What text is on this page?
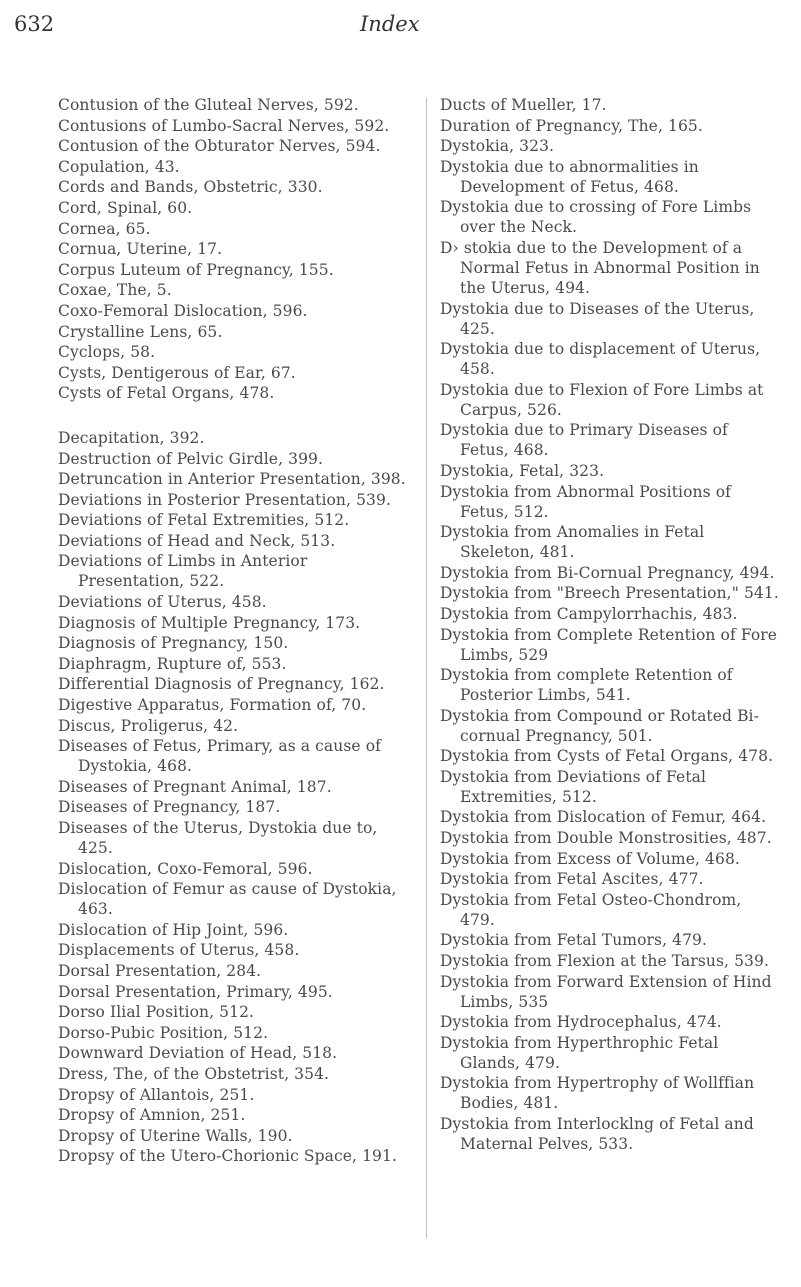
632	Index

Contusion of the Gluteal Nerves, 592.

Contusions of Lumbo-Sacral Nerves, 592.

Contusion of the Obturator Nerves, 594.

Copulation, 43.

Cords and Bands, Obstetric, 330.

Cord, Spinal, 60.

Cornea, 65.

Cornua, Uterine, 17.

Corpus Luteum of Pregnancy, 155.

Coxae, The, 5.

Coxo-Femoral Dislocation, 596.

Crystalline Lens, 65.

Cyclops, 58.

Cysts, Dentigerous of Ear, 67.

Cysts of Fetal Organs, 478.

Decapitation, 392.

Destruction of Pelvic Girdle, 399.

Detruncation in Anterior Presentation, 398.

Deviations in Posterior Presentation, 539.

Deviations of Fetal Extremities, 512.

Deviations of Head and Neck, 513.

Deviations of Limbs in Anterior Presentation, 522.

Deviations of Uterus, 458.

Diagnosis of Multiple Pregnancy, 173.

Diagnosis of Pregnancy, 150.

Diaphragm, Rupture of, 553.

Differential Diagnosis of Pregnancy, 162.

Digestive Apparatus, Formation of, 70.

Discus, Proligerus, 42.

Diseases of Fetus, Primary, as a cause of Dystokia, 468.

Diseases of Pregnant Animal, 187.

Diseases of Pregnancy, 187.

Diseases of the Uterus, Dystokia due to, 425.

Dislocation, Coxo-Femoral, 596.

Dislocation of Femur as cause of Dystokia, 463.

Dislocation of Hip Joint, 596.

Displacements of Uterus, 458.

Dorsal Presentation, 284.

Dorsal Presentation, Primary, 495.

Dorso Ilial Position, 512.

Dorso-Pubic Position, 512.

Downward Deviation of Head, 518.

Dress, The, of the Obstetrist, 354.

Dropsy of Allantois, 251.

Dropsy of Amnion, 251.

Dropsy of Uterine Walls, 190.

Dropsy of the Utero-Chorionic Space, 191.

Ducts of Mueller, 17.

Duration of Pregnancy, The, 165.

Dystokia, 323.

Dystokia due to abnormalities in Development of Fetus, 468.

Dystokia due to crossing of Fore Limbs over the Neck.

D› stokia due to the Development of a Normal Fetus in Abnormal Position in the Uterus, 494.

Dystokia due to Diseases of the Uterus, 425.

Dystokia due to displacement of Uterus, 458.

Dystokia due to Flexion of Fore Limbs at Carpus, 526.

Dystokia due to Primary Diseases of Fetus, 468.

Dystokia, Fetal, 323.

Dystokia from Abnormal Positions of Fetus, 512.

Dystokia from Anomalies in Fetal Skeleton, 481.

Dystokia from Bi-Cornual Pregnancy, 494.

Dystokia from "Breech Presentation," 541.

Dystokia from Campylorrhachis, 483.

Dystokia from Complete Retention of Fore Limbs, 529

Dystokia from complete Retention of Posterior Limbs, 541.

Dystokia from Compound or Rotated Bi-cornual Pregnancy, 501.

Dystokia from Cysts of Fetal Organs, 478.

Dystokia from Deviations of Fetal Extremities, 512.

Dystokia from Dislocation of Femur, 464.

Dystokia from Double Monstrosities, 487.

Dystokia from Excess of Volume, 468.

Dystokia from Fetal Ascites, 477.

Dystokia from Fetal Osteo-Chondrom, 479.

Dystokia from Fetal Tumors, 479.

Dystokia from Flexion at the Tarsus, 539.

Dystokia from Forward Extension of Hind Limbs, 535

Dystokia from Hydrocephalus, 474.

Dystokia from Hyperthrophic Fetal Glands, 479.

Dystokia from Hypertrophy of Wollffian Bodies, 481.

Dystokia from Interlocklng of Fetal and Maternal Pelves, 533.
